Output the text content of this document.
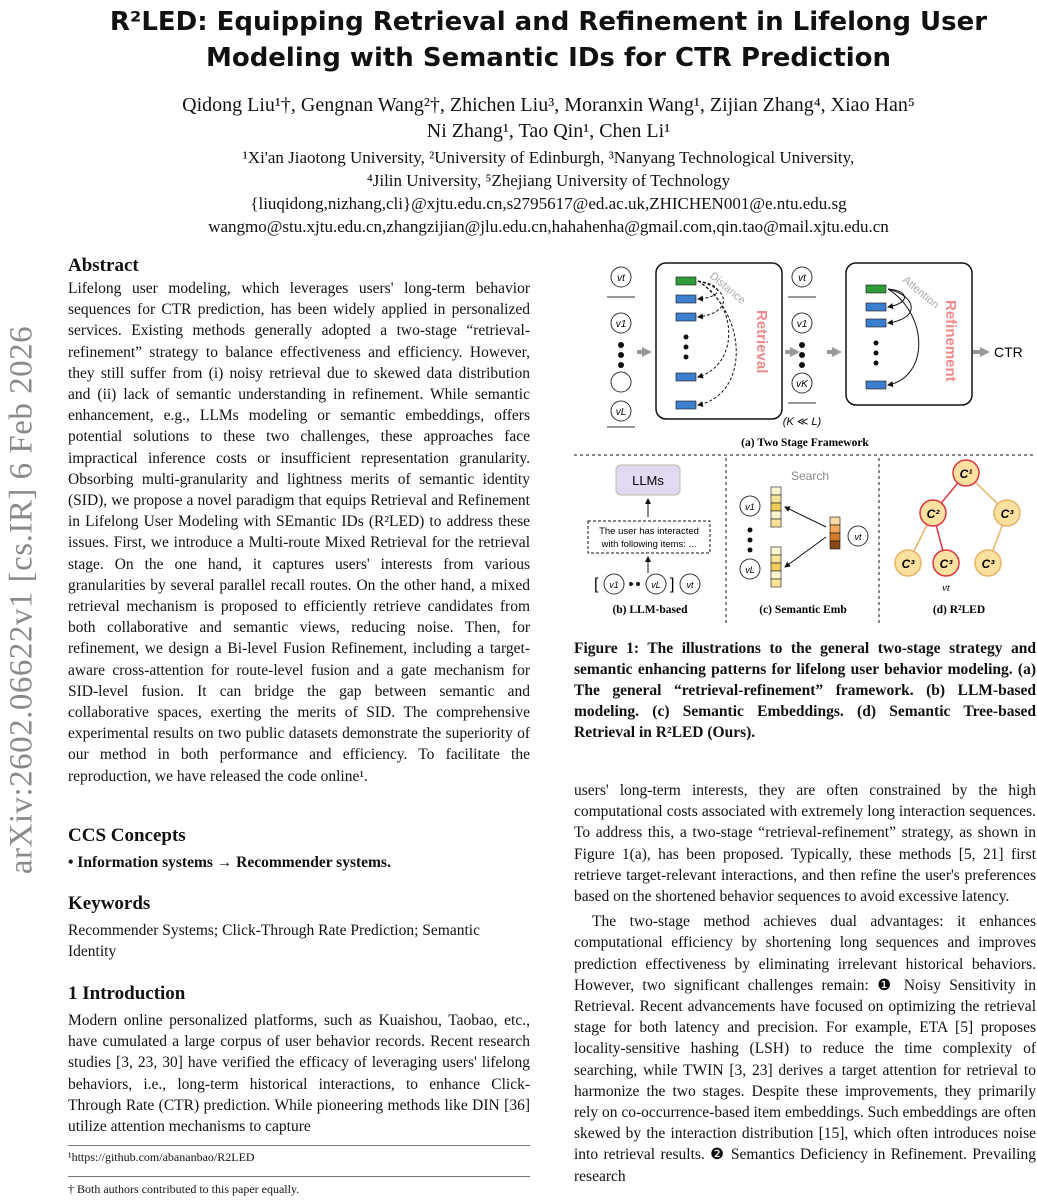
arXiv:2602.06622v1 [cs.IR] 6 Feb 2026
R²LED: Equipping Retrieval and Refinement in Lifelong User
Modeling with Semantic IDs for CTR Prediction
Qidong Liu¹†, Gengnan Wang²†, Zhichen Liu³, Moranxin Wang¹, Zijian Zhang⁴, Xiao Han⁵
Ni Zhang¹, Tao Qin¹, Chen Li¹
¹Xi'an Jiaotong University, ²University of Edinburgh, ³Nanyang Technological University,
⁴Jilin University, ⁵Zhejiang University of Technology
{liuqidong,nizhang,cli}@xjtu.edu.cn,s2795617@ed.ac.uk,ZHICHEN001@e.ntu.edu.sg
wangmo@stu.xjtu.edu.cn,zhangzijian@jlu.edu.cn,hahahenha@gmail.com,qin.tao@mail.xjtu.edu.cn
Abstract

Lifelong user modeling, which leverages users' long-term behavior sequences for CTR prediction, has been widely applied in personalized services. Existing methods generally adopted a two-stage “retrieval-refinement” strategy to balance effectiveness and efficiency. However, they still suffer from (i) noisy retrieval due to skewed data distribution and (ii) lack of semantic understanding in refinement. While semantic enhancement, e.g., LLMs modeling or semantic embeddings, offers potential solutions to these two challenges, these approaches face impractical inference costs or insufficient representation granularity. Obsorbing multi-granularity and lightness merits of semantic identity (SID), we propose a novel paradigm that equips Retrieval and Refinement in Lifelong User Modeling with SEmantic IDs (R²LED) to address these issues. First, we introduce a Multi-route Mixed Retrieval for the retrieval stage. On the one hand, it captures users' interests from various granularities by several parallel recall routes. On the other hand, a mixed retrieval mechanism is proposed to efficiently retrieve candidates from both collaborative and semantic views, reducing noise. Then, for refinement, we design a Bi-level Fusion Refinement, including a target-aware cross-attention for route-level fusion and a gate mechanism for SID-level fusion. It can bridge the gap between semantic and collaborative spaces, exerting the merits of SID. The comprehensive experimental results on two public datasets demonstrate the superiority of our method in both performance and efficiency. To facilitate the reproduction, we have released the code online¹.

CCS Concepts

• Information systems → Recommender systems.

Keywords

Recommender Systems; Click-Through Rate Prediction; Semantic Identity

1 Introduction

Modern online personalized platforms, such as Kuaishou, Taobao, etc., have cumulated a large corpus of user behavior records. Recent research studies [3, 23, 30] have verified the efficacy of leveraging users' lifelong behaviors, i.e., long-term historical interactions, to enhance Click-Through Rate (CTR) prediction. While pioneering methods like DIN [36] utilize attention mechanisms to capture

¹https://github.com/abananbao/R2LED
† Both authors contributed to this paper equally.
vt
v1
vL
Distance
Retrieval
vt
v1
vK
(K ≪ L)
Attention
Refinement	CTR
(a) Two Stage Framework
LLMs
The user has interacted
with following items: ...
[ v1	vL ] vt
(b) LLM-based
Search
v1
vL
vt
(c) Semantic Emb
C¹
C²	C³
C³ C³ C³
vt
(d) R²LED
Figure 1: The illustrations to the general two-stage strategy and semantic enhancing patterns for lifelong user behavior modeling. (a) The general “retrieval-refinement” framework. (b) LLM-based modeling. (c) Semantic Embeddings. (d) Semantic Tree-based Retrieval in R²LED (Ours).

users' long-term interests, they are often constrained by the high computational costs associated with extremely long interaction sequences. To address this, a two-stage “retrieval-refinement” strategy, as shown in Figure 1(a), has been proposed. Typically, these methods [5, 21] first retrieve target-relevant interactions, and then refine the user's preferences based on the shortened behavior sequences to avoid excessive latency.

The two-stage method achieves dual advantages: it enhances computational efficiency by shortening long sequences and improves prediction effectiveness by eliminating irrelevant historical behaviors. However, two significant challenges remain: ❶ Noisy Sensitivity in Retrieval. Recent advancements have focused on optimizing the retrieval stage for both latency and precision. For example, ETA [5] proposes locality-sensitive hashing (LSH) to reduce the time complexity of searching, while TWIN [3, 23] derives a target attention for retrieval to harmonize the two stages. Despite these improvements, they primarily rely on co-occurrence-based item embeddings. Such embeddings are often skewed by the interaction distribution [15], which often introduces noise into retrieval results. ❷ Semantics Deficiency in Refinement. Prevailing research
